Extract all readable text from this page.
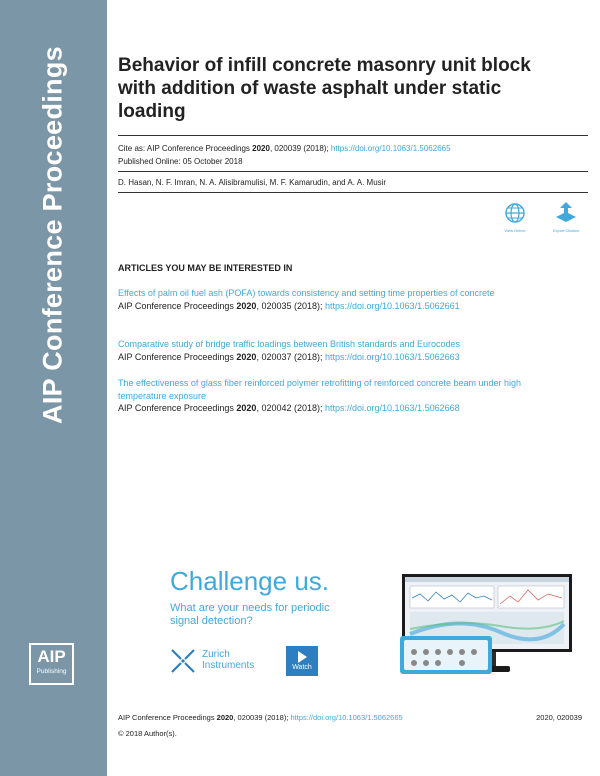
AIP Conference Proceedings
AIP
Publishing
Behavior of infill concrete masonry unit block with addition of waste asphalt under static loading
Cite as: AIP Conference Proceedings 2020, 020039 (2018); https://doi.org/10.1063/1.5062665
Published Online: 05 October 2018
D. Hasan, N. F. Imran, N. A. Alisibramulisi, M. F. Kamarudin, and A. A. Musir
View Online	Export Citation
ARTICLES YOU MAY BE INTERESTED IN
Effects of palm oil fuel ash (POFA) towards consistency and setting time properties of concrete
AIP Conference Proceedings 2020, 020035 (2018); https://doi.org/10.1063/1.5062661
Comparative study of bridge traffic loadings between British standards and Eurocodes
AIP Conference Proceedings 2020, 020037 (2018); https://doi.org/10.1063/1.5062663
The effectiveness of glass fiber reinforced polymer retrofitting of reinforced concrete beam under high temperature exposure
AIP Conference Proceedings 2020, 020042 (2018); https://doi.org/10.1063/1.5062668
Challenge us.
What are your needs for periodic signal detection?
Zurich
Instruments	Watch
AIP Conference Proceedings 2020, 020039 (2018); https://doi.org/10.1063/1.5062665	2020, 020039
© 2018 Author(s).
